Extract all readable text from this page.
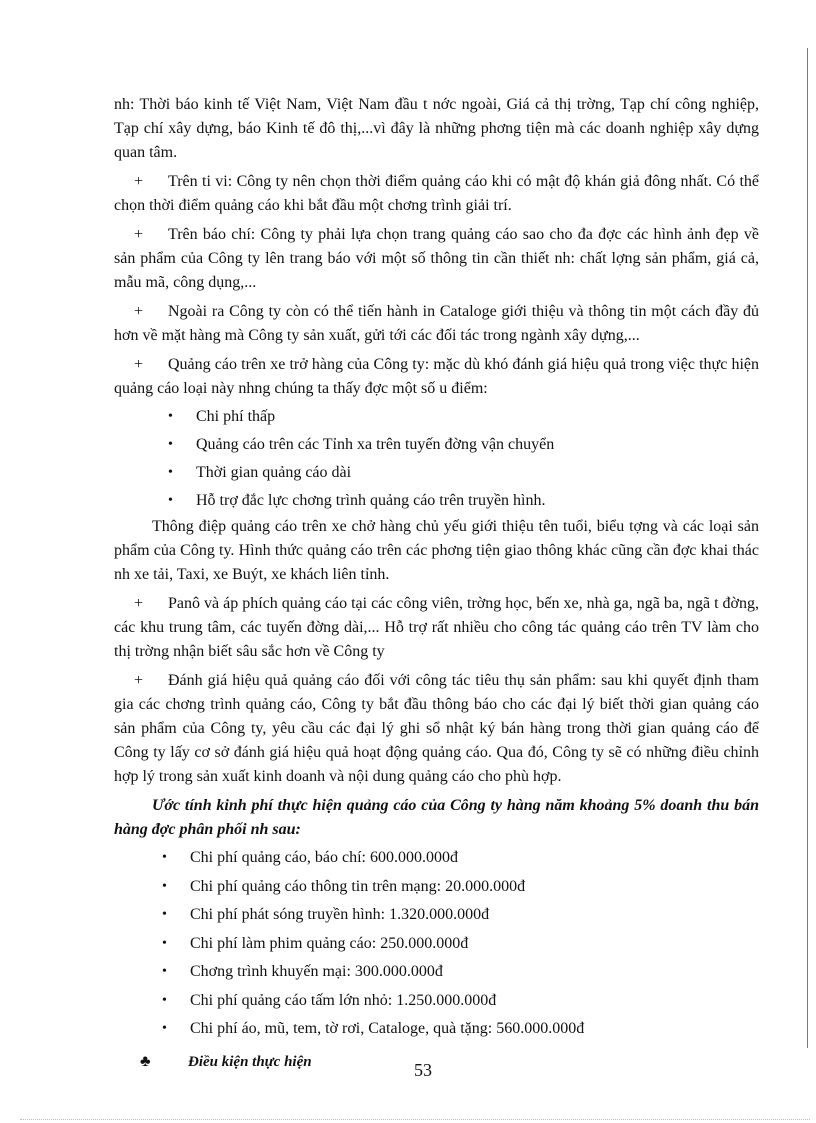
nh: Thời báo kinh tế Việt Nam, Việt Nam đầu t nớc ngoài, Giá cả thị trờng, Tạp chí công nghiệp, Tạp chí xây dựng, báo Kinh tế đô thị,...vì đây là những phơng tiện mà các doanh nghiệp xây dựng quan tâm.

+ Trên ti vi: Công ty nên chọn thời điểm quảng cáo khi có mật độ khán giả đông nhất. Có thể chọn thời điểm quảng cáo khi bắt đầu một chơng trình giải trí.

+ Trên báo chí: Công ty phải lựa chọn trang quảng cáo sao cho đa đợc các hình ảnh đẹp về sản phẩm của Công ty lên trang báo với một số thông tin cần thiết nh: chất lợng sản phẩm, giá cả, mẫu mã, công dụng,...

+ Ngoài ra Công ty còn có thể tiến hành in Cataloge giới thiệu và thông tin một cách đầy đủ hơn về mặt hàng mà Công ty sản xuất, gửi tới các đối tác trong ngành xây dựng,...

+ Quảng cáo trên xe trở hàng của Công ty: mặc dù khó đánh giá hiệu quả trong việc thực hiện quảng cáo loại này nhng chúng ta thấy đợc một số u điểm:

• Chi phí thấp
• Quảng cáo trên các Tỉnh xa trên tuyến đờng vận chuyển
• Thời gian quảng cáo dài
• Hỗ trợ đắc lực chơng trình quảng cáo trên truyền hình.

Thông điệp quảng cáo trên xe chở hàng chủ yếu giới thiệu tên tuổi, biểu tợng và các loại sản phẩm của Công ty. Hình thức quảng cáo trên các phơng tiện giao thông khác cũng cần đợc khai thác nh xe tải, Taxi, xe Buýt, xe khách liên tỉnh.

+ Panô và áp phích quảng cáo tại các công viên, trờng học, bến xe, nhà ga, ngã ba, ngã t đờng, các khu trung tâm, các tuyến đờng dài,... Hỗ trợ rất nhiều cho công tác quảng cáo trên TV làm cho thị trờng nhận biết sâu sắc hơn về Công ty

+ Đánh giá hiệu quả quảng cáo đối với công tác tiêu thụ sản phẩm: sau khi quyết định tham gia các chơng trình quảng cáo, Công ty bắt đầu thông báo cho các đại lý biết thời gian quảng cáo sản phẩm của Công ty, yêu cầu các đại lý ghi sổ nhật ký bán hàng trong thời gian quảng cáo để Công ty lấy cơ sở đánh giá hiệu quả hoạt động quảng cáo. Qua đó, Công ty sẽ có những điều chỉnh hợp lý trong sản xuất kinh doanh và nội dung quảng cáo cho phù hợp.

Ước tính kinh phí thực hiện quảng cáo của Công ty hàng năm khoảng 5% doanh thu bán hàng đợc phân phối nh sau:

• Chi phí quảng cáo, báo chí: 600.000.000đ
• Chi phí quảng cáo thông tin trên mạng: 20.000.000đ
• Chi phí phát sóng truyền hình: 1.320.000.000đ
• Chi phí làm phim quảng cáo: 250.000.000đ
• Chơng trình khuyến mại: 300.000.000đ
• Chi phí quảng cáo tấm lớn nhỏ: 1.250.000.000đ
• Chi phí áo, mũ, tem, tờ rơi, Cataloge, quà tặng: 560.000.000đ
♣	Điều kiện thực hiện	53
